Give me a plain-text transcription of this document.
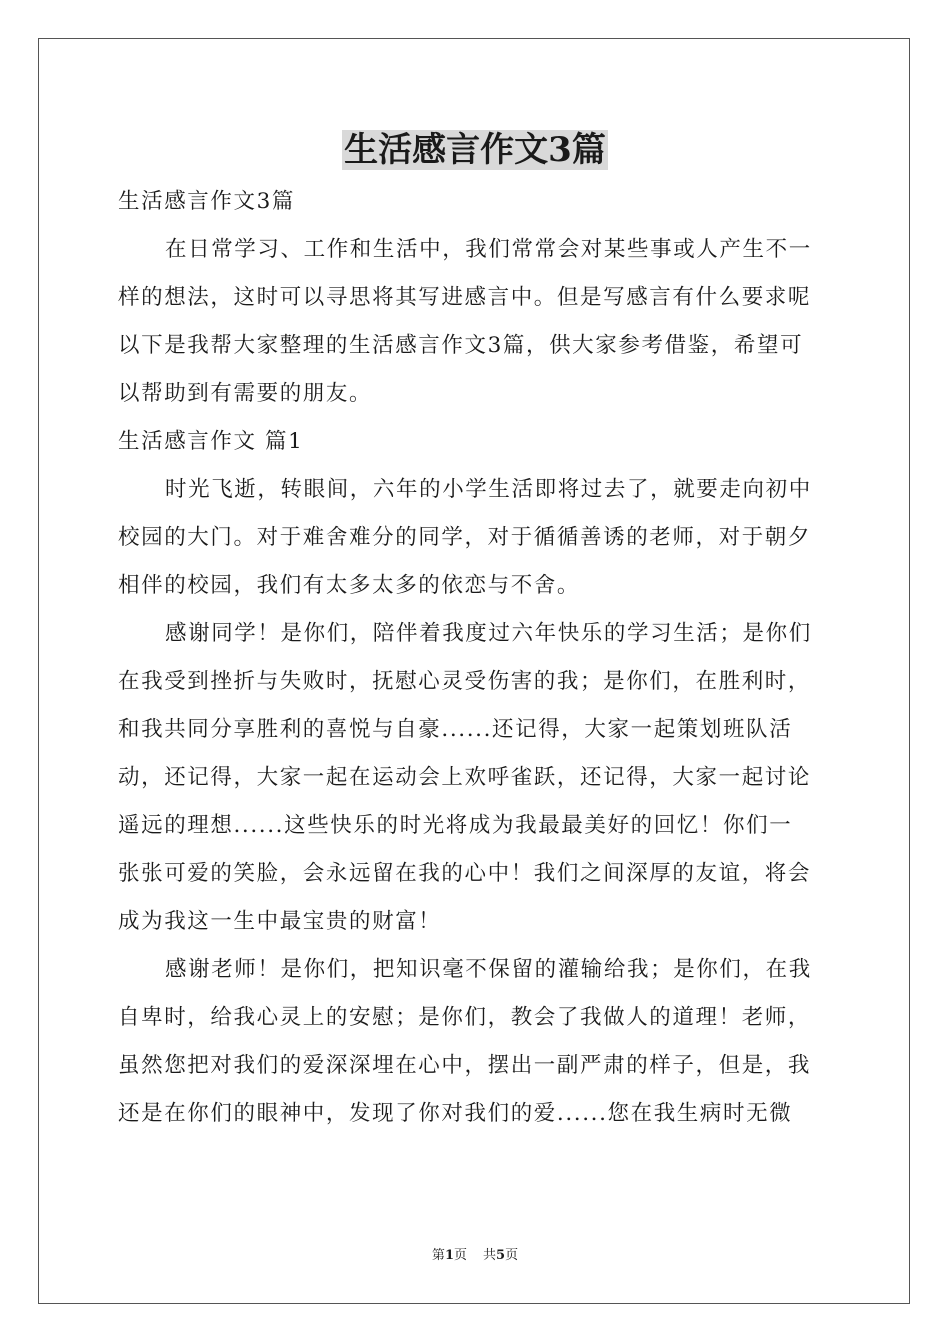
生活感言作文3篇
生活感言作文3篇
在日常学习、工作和生活中，我们常常会对某些事或人产生不一
样的想法，这时可以寻思将其写进感言中。但是写感言有什么要求呢
以下是我帮大家整理的生活感言作文3篇，供大家参考借鉴，希望可
以帮助到有需要的朋友。
生活感言作文 篇1
时光飞逝，转眼间，六年的小学生活即将过去了，就要走向初中
校园的大门。对于难舍难分的同学，对于循循善诱的老师，对于朝夕
相伴的校园，我们有太多太多的依恋与不舍。
感谢同学！是你们，陪伴着我度过六年快乐的学习生活；是你们
在我受到挫折与失败时，抚慰心灵受伤害的我；是你们，在胜利时，
和我共同分享胜利的喜悦与自豪......还记得，大家一起策划班队活
动，还记得，大家一起在运动会上欢呼雀跃，还记得，大家一起讨论
遥远的理想......这些快乐的时光将成为我最最美好的回忆！你们一
张张可爱的笑脸，会永远留在我的心中！我们之间深厚的友谊，将会
成为我这一生中最宝贵的财富！
感谢老师！是你们，把知识毫不保留的灌输给我；是你们，在我
自卑时，给我心灵上的安慰；是你们，教会了我做人的道理！老师，
虽然您把对我们的爱深深埋在心中，摆出一副严肃的样子，但是，我
还是在你们的眼神中，发现了你对我们的爱......您在我生病时无微
第1页 共5页
